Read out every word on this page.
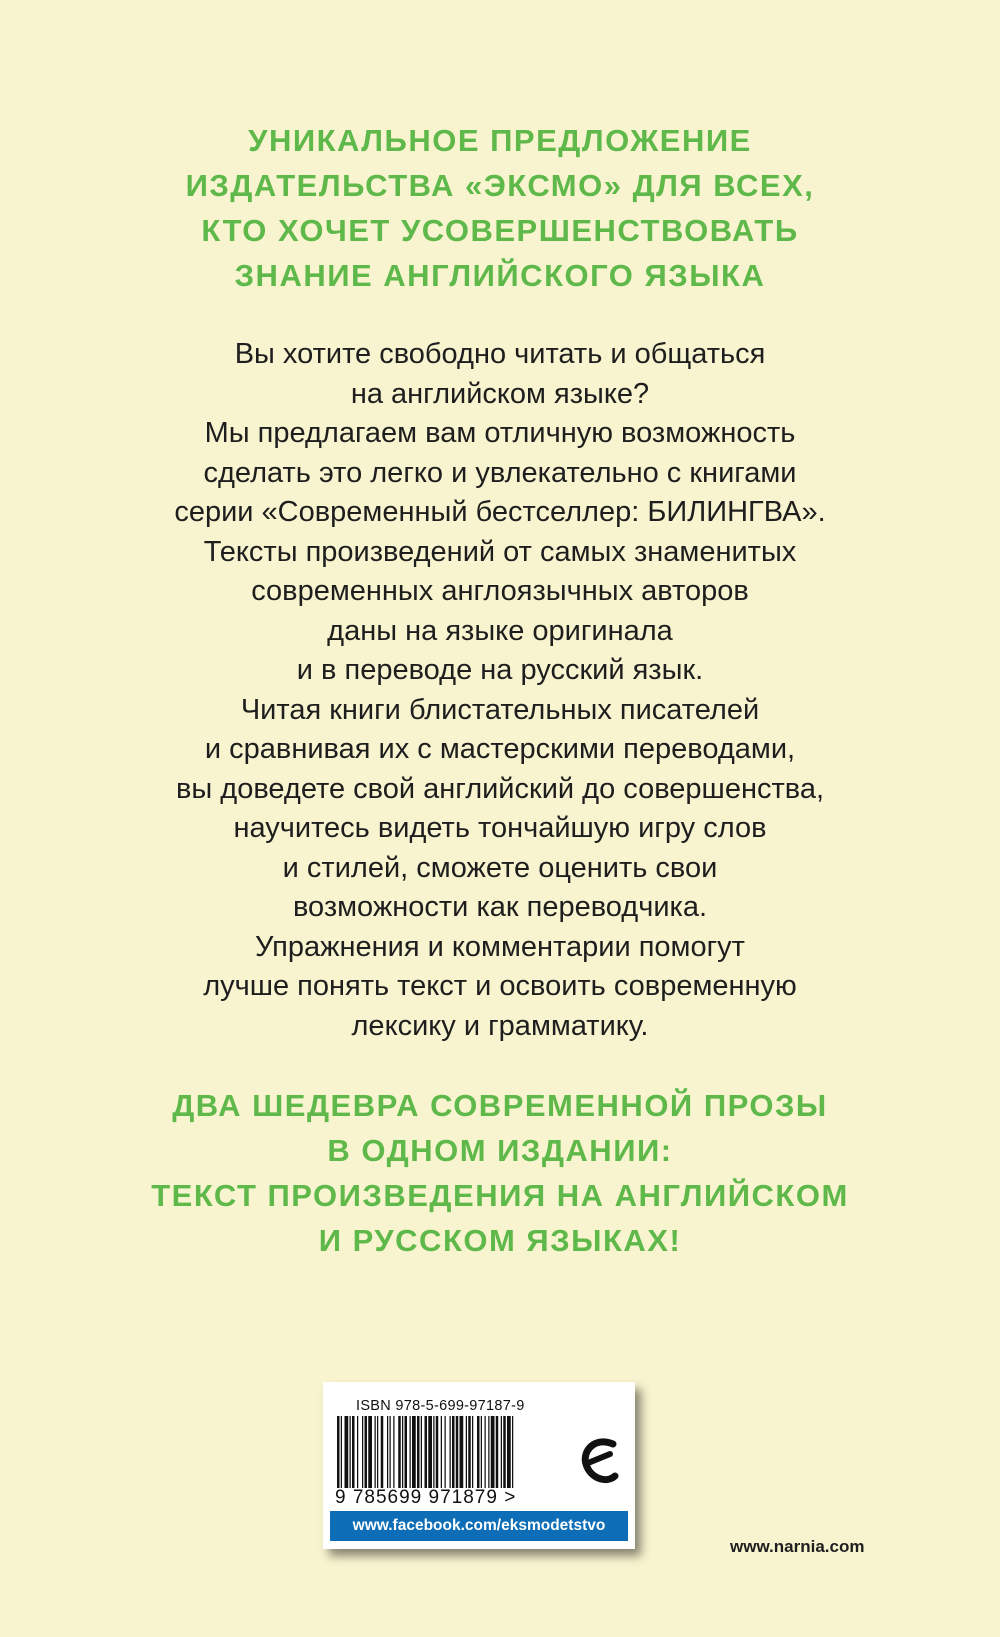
УНИКАЛЬНОЕ ПРЕДЛОЖЕНИЕ
ИЗДАТЕЛЬСТВА «ЭКСМО» ДЛЯ ВСЕХ,
КТО ХОЧЕТ УСОВЕРШЕНСТВОВАТЬ
ЗНАНИЕ АНГЛИЙСКОГО ЯЗЫКА
Вы хотите свободно читать и общаться
на английском языке?
Мы предлагаем вам отличную возможность
сделать это легко и увлекательно с книгами
серии «Современный бестселлер: БИЛИНГВА».
Тексты произведений от самых знаменитых
современных англоязычных авторов
даны на языке оригинала
и в переводе на русский язык.
Читая книги блистательных писателей
и сравнивая их с мастерскими переводами,
вы доведете свой английский до совершенства,
научитесь видеть тончайшую игру слов
и стилей, сможете оценить свои
возможности как переводчика.
Упражнения и комментарии помогут
лучше понять текст и освоить современную
лексику и грамматику.
ДВА ШЕДЕВРА СОВРЕМЕННОЙ ПРОЗЫ
В ОДНОМ ИЗДАНИИ:
ТЕКСТ ПРОИЗВЕДЕНИЯ НА АНГЛИЙСКОМ
И РУССКОМ ЯЗЫКАХ!
ISBN 978-5-699-97187-9
9 785699 971879 >
www.facebook.com/eksmodetstvo
www.narnia.com
